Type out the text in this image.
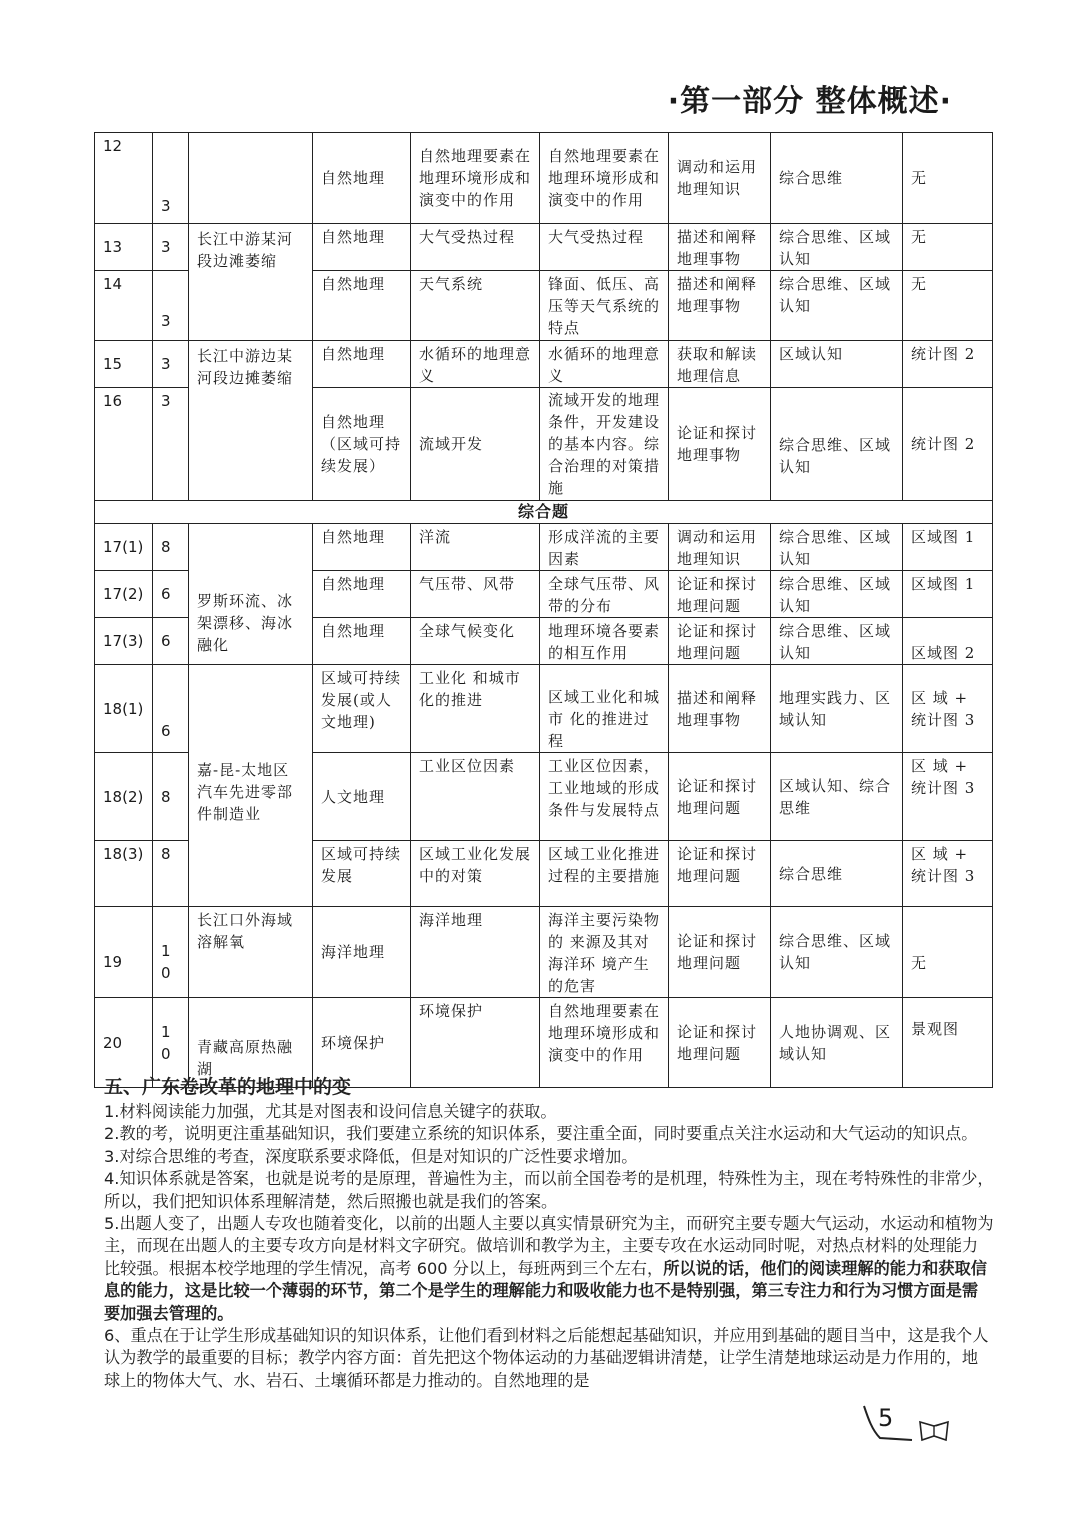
·第一部分 整体概述·
12	3		自然地理	自然地理要素在地理环境形成和演变中的作用	自然地理要素在地理环境形成和演变中的作用	调动和运用地理知识	综合思维	无
13	3	长江中游某河段边滩萎缩	自然地理	大气受热过程	大气受热过程	描述和阐释地理事物	综合思维、区域认知	无
14	3		自然地理	天气系统	锋面、低压、高压等天气系统的特点	描述和阐释地理事物	综合思维、区域认知	无
15	3	长江中游边某河段边摊萎缩	自然地理	水循环的地理意义	水循环的地理意义	获取和解读地理信息	区域认知	统计图 2
16	3		自然地理（区域可持续发展）	流域开发	流域开发的地理条件，开发建设的基本内容。综合治理的对策措施	论证和探讨地理事物	综合思维、区域认知	统计图 2
综合题								
17(1)	8	罗斯环流、冰架漂移、海冰融化	自然地理	洋流	形成洋流的主要因素	调动和运用地理知识	综合思维、区域认知	区域图 1
17(2)	6		自然地理	气压带、风带	全球气压带、风带的分布	论证和探讨地理问题	综合思维、区域认知	区域图 1
17(3)	6		自然地理	全球气候变化	地理环境各要素的相互作用	论证和探讨地理问题	综合思维、区域认知	区域图 2
18(1)	6	嘉-昆-太地区汽车先进零部件制造业	区域可持续发展(或人文地理)	工业化 和城市化的推进	区域工业化和城市 化的推进过程	描述和阐释地理事物	地理实践力、区域认知	区 域 + 统计图 3
18(2)	8		人文地理	工业区位因素	工业区位因素，工业地域的形成条件与发展特点	论证和探讨地理问题	区域认知、综合思维	区 域 + 统计图 3
18(3)	8		区域可持续发展	区域工业化发展中的对策	区域工业化推进过程的主要措施	论证和探讨地理问题	综合思维	区 域 + 统计图 3
19	10	长江口外海域溶解氧	海洋地理	海洋地理	海洋主要污染物的 来源及其对海洋环 境产生的危害	论证和探讨地理问题	综合思维、区域认知	无
20	10	青藏高原热融湖	环境保护	环境保护	自然地理要素在地理环境形成和演变中的作用	论证和探讨地理问题	人地协调观、区域认知	景观图
五、广东卷改革的地理中的变

1.材料阅读能力加强，尤其是对图表和设问信息关键字的获取。

2.教的考，说明更注重基础知识，我们要建立系统的知识体系，要注重全面，同时要重点关注水运动和大气运动的知识点。

3.对综合思维的考查，深度联系要求降低，但是对知识的广泛性要求增加。

4.知识体系就是答案，也就是说考的是原理，普遍性为主，而以前全国卷考的是机理，特殊性为主，现在考特殊性的非常少，所以，我们把知识体系理解清楚，然后照搬也就是我们的答案。

5.出题人变了，出题人专攻也随着变化，以前的出题人主要以真实情景研究为主，而研究主要专题大气运动，水运动和植物为主，而现在出题人的主要专攻方向是材料文字研究。做培训和教学为主，主要专攻在水运动同时呢，对热点材料的处理能力比较强。根据本校学地理的学生情况，高考 600 分以上，每班两到三个左右，所以说的话，他们的阅读理解的能力和获取信息的能力，这是比较一个薄弱的环节，第二个是学生的理解能力和吸收能力也不是特别强，第三专注力和行为习惯方面是需要加强去管理的。

6、重点在于让学生形成基础知识的知识体系，让他们看到材料之后能想起基础知识，并应用到基础的题目当中，这是我个人认为教学的最重要的目标；教学内容方面：首先把这个物体运动的力基础逻辑讲清楚，让学生清楚地球运动是力作用的，地球上的物体大气、水、岩石、土壤循环都是力推动的。自然地理的是

5
